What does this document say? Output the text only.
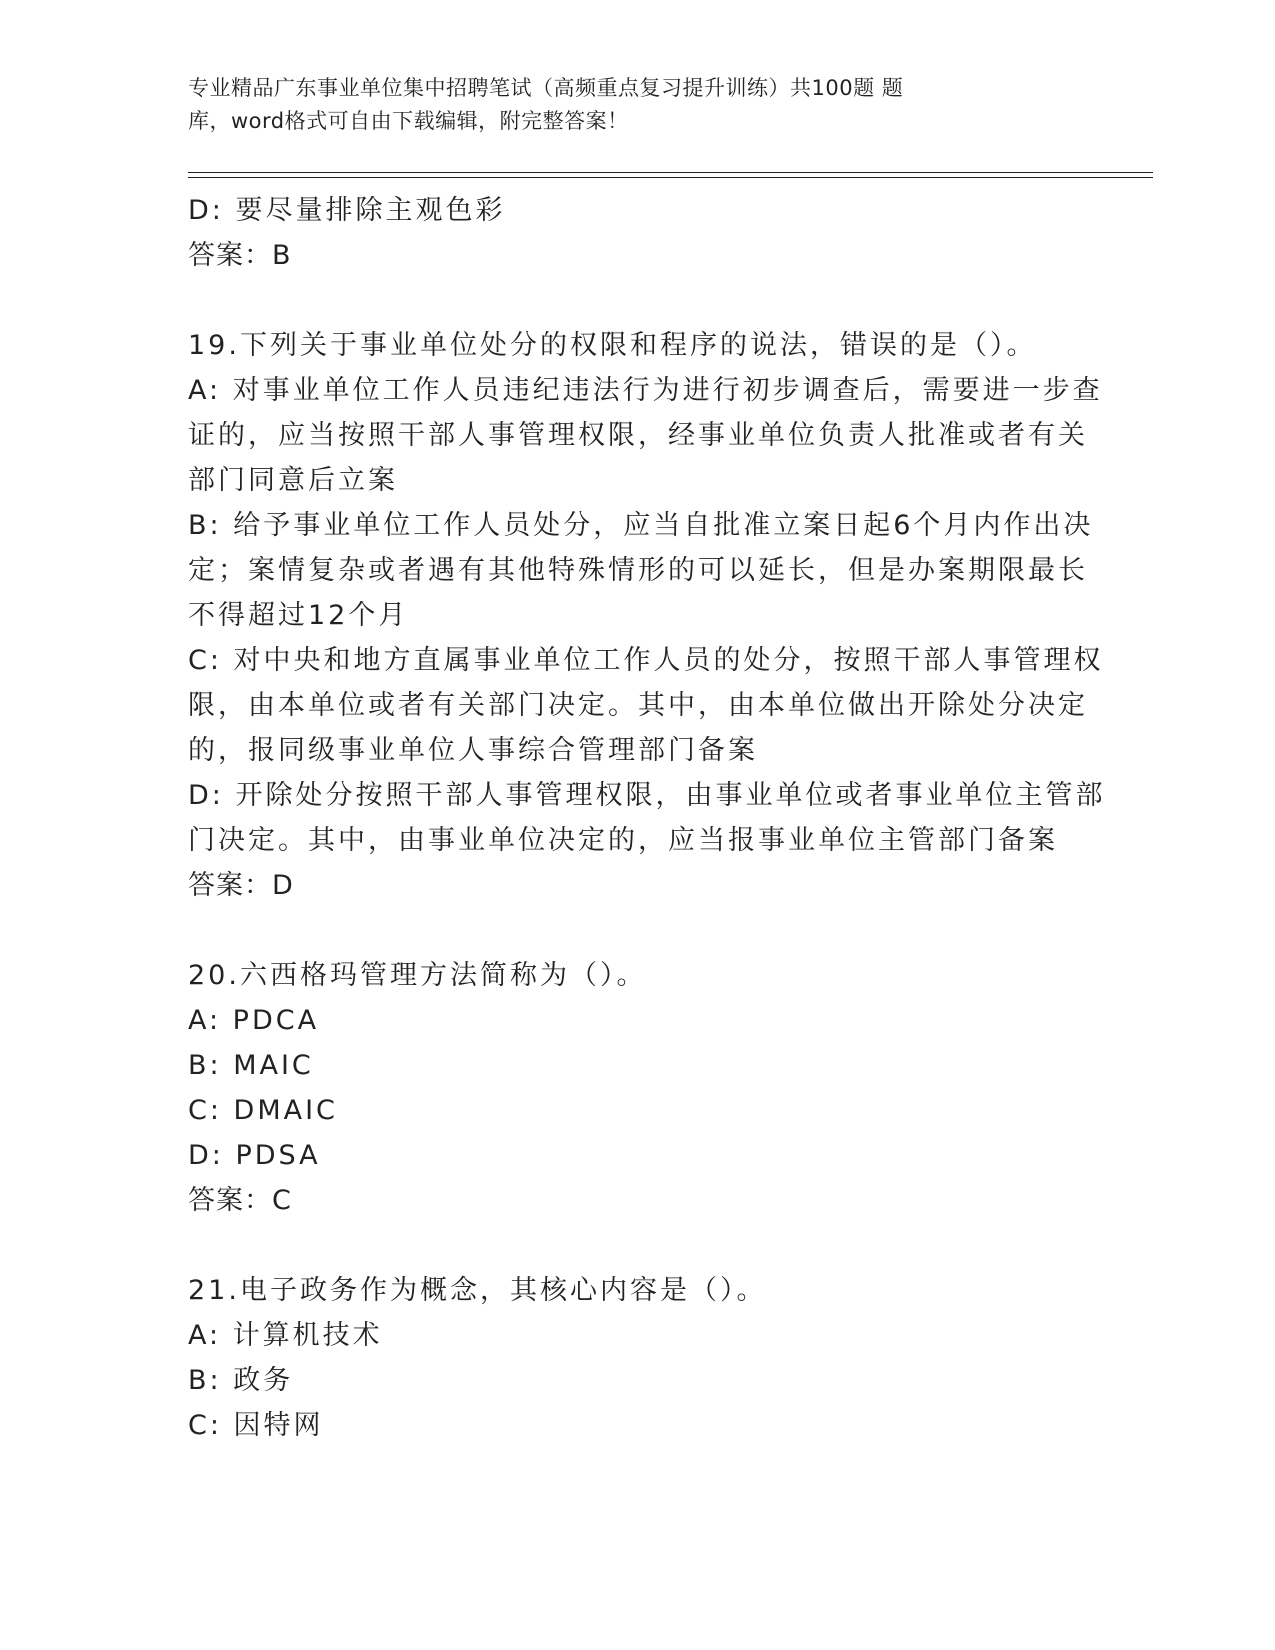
专业精品广东事业单位集中招聘笔试（高频重点复习提升训练）共100题 题
库，word格式可自由下载编辑，附完整答案！
D: 要尽量排除主观色彩
答案：B
19.下列关于事业单位处分的权限和程序的说法，错误的是（）。
A: 对事业单位工作人员违纪违法行为进行初步调查后，需要进一步查
证的，应当按照干部人事管理权限，经事业单位负责人批准或者有关
部门同意后立案
B: 给予事业单位工作人员处分，应当自批准立案日起6个月内作出决
定；案情复杂或者遇有其他特殊情形的可以延长，但是办案期限最长
不得超过12个月
C: 对中央和地方直属事业单位工作人员的处分，按照干部人事管理权
限，由本单位或者有关部门决定。其中，由本单位做出开除处分决定
的，报同级事业单位人事综合管理部门备案
D: 开除处分按照干部人事管理权限，由事业单位或者事业单位主管部
门决定。其中，由事业单位决定的，应当报事业单位主管部门备案
答案：D
20.六西格玛管理方法简称为（）。
A: PDCA
B: MAIC
C: DMAIC
D: PDSA
答案：C
21.电子政务作为概念，其核心内容是（）。
A: 计算机技术
B: 政务
C: 因特网
